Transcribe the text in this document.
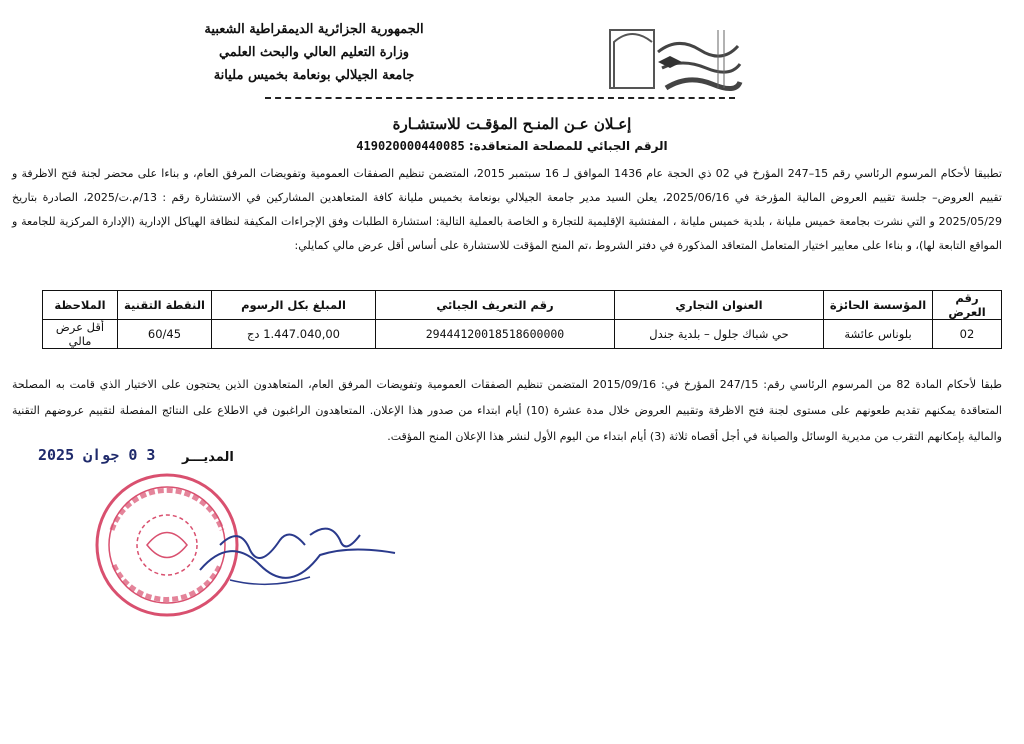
الجمهورية الجزائرية الديمقراطية الشعبية
وزارة التعليم العالي والبحث العلمي
جامعة الجيلالي بونعامة بخميس مليانة
إعـلان عـن المنـح المؤقـت للاستشـارة
الرقم الجبائي للمصلحة المتعاقدة: 419020000440085
تطبيقا لأحكام المرسوم الرئاسي رقم 15–247 المؤرخ في 02 ذي الحجة عام 1436 الموافق لـ 16 سبتمبر 2015، المتضمن تنظيم الصفقات العمومية وتفويضات المرفق العام، و بناءا على محضر لجنة فتح الاظرفة و تقييم العروض– جلسة تقييم العروض المالية المؤرخة في 2025/06/16، يعلن السيد مدير جامعة الجيلالي بونعامة بخميس مليانة كافة المتعاهدين المشاركين في الاستشارة رقم : 13/م.ت/2025، الصادرة بتاريخ 2025/05/29 و التي نشرت بجامعة خميس مليانة ، بلدية خميس مليانة ، المفتشية الإقليمية للتجارة و الخاصة بالعملية التالية: استشارة الطلبات وفق الإجراءات المكيفة لنظافة الهياكل الإدارية (الإدارة المركزية للجامعة و المواقع التابعة لها)، و بناءا على معايير اختيار المتعامل المتعاقد المذكورة في دفتر الشروط ،تم المنح المؤقت للاستشارة على أساس أقل عرض مالي كمايلي:
رقم العرض	المؤسسة الحائزة	العنوان التجاري	رقم التعريف الجبائي	المبلغ بكل الرسوم	النقطة التقنية	الملاحظة
02	بلوناس عائشة	حي شباك جلول – بلدية جندل	29444120018518600000	1.447.040,00 دج	60/45	أقل عرض مالي
طبقا لأحكام المادة 82 من المرسوم الرئاسي رقم: 247/15 المؤرخ في: 2015/09/16 المتضمن تنظيم الصفقات العمومية وتفويضات المرفق العام، المتعاهدون الذين يحتجون على الاختيار الذي قامت به المصلحة المتعاقدة يمكنهم تقديم طعونهم على مستوى لجنة فتح الاظرفة وتقييم العروض خلال مدة عشرة (10) أيام ابتداء من صدور هذا الإعلان. المتعاهدون الراغبون في الاطلاع على النتائج المفصلة لتقييم عروضهم التقنية والمالية بإمكانهم التقرب من مديرية الوسائل والصيانة في أجل أقصاه ثلاثة (3) أيام ابتداء من اليوم الأول لنشر هذا الإعلان المنح المؤقت.
المديـــر
3 0 جوان 2025
